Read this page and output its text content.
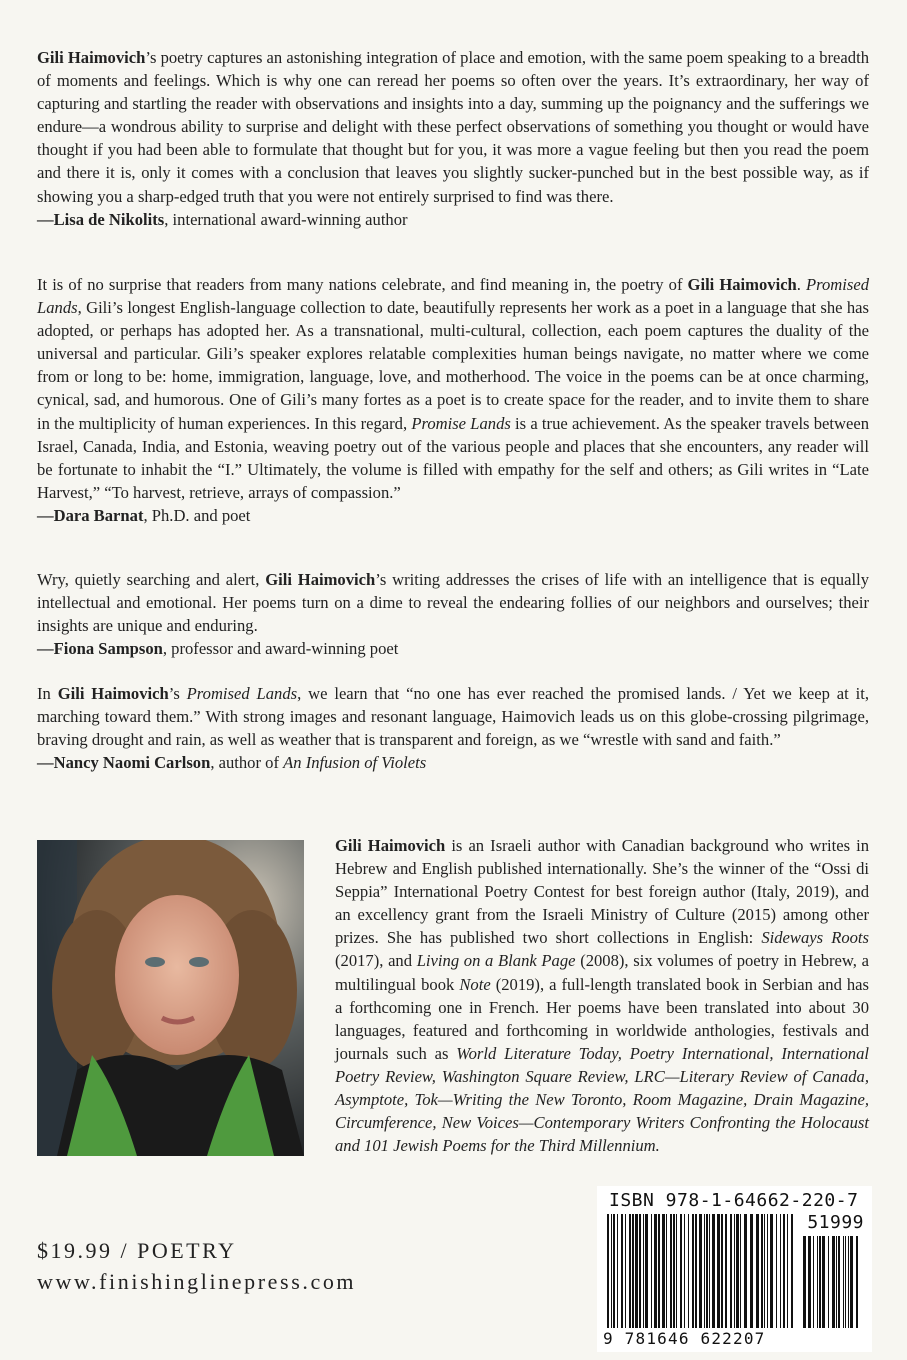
Gili Haimovich’s poetry captures an astonishing integration of place and emotion, with the same poem speaking to a breadth of moments and feelings. Which is why one can reread her poems so often over the years. It’s extraordinary, her way of capturing and startling the reader with observations and insights into a day, summing up the poignancy and the sufferings we endure—a wondrous ability to surprise and delight with these perfect observations of something you thought or would have thought if you had been able to formulate that thought but for you, it was more a vague feeling but then you read the poem and there it is, only it comes with a conclusion that leaves you slightly sucker-punched but in the best possible way, as if showing you a sharp-edged truth that you were not entirely surprised to find was there.

—Lisa de Nikolits, international award-winning author

It is of no surprise that readers from many nations celebrate, and find meaning in, the poetry of Gili Haimovich. Promised Lands, Gili’s longest English-language collection to date, beautifully represents her work as a poet in a language that she has adopted, or perhaps has adopted her. As a transnational, multi-cultural, collection, each poem captures the duality of the universal and particular. Gili’s speaker explores relatable complexities human beings navigate, no matter where we come from or long to be: home, immigration, language, love, and motherhood. The voice in the poems can be at once charming, cynical, sad, and humorous. One of Gili’s many fortes as a poet is to create space for the reader, and to invite them to share in the multiplicity of human experiences. In this regard, Promise Lands is a true achievement. As the speaker travels between Israel, Canada, India, and Estonia, weaving poetry out of the various people and places that she encounters, any reader will be fortunate to inhabit the “I.” Ultimately, the volume is filled with empathy for the self and others; as Gili writes in “Late Harvest,” “To harvest, retrieve, arrays of compassion.”

—Dara Barnat, Ph.D. and poet

Wry, quietly searching and alert, Gili Haimovich’s writing addresses the crises of life with an intelligence that is equally intellectual and emotional. Her poems turn on a dime to reveal the endearing follies of our neighbors and ourselves; their insights are unique and enduring.

—Fiona Sampson, professor and award-winning poet

In Gili Haimovich’s Promised Lands, we learn that “no one has ever reached the promised lands. / Yet we keep at it, marching toward them.” With strong images and resonant language, Haimovich leads us on this globe-crossing pilgrimage, braving drought and rain, as well as weather that is transparent and foreign, as we “wrestle with sand and faith.”

—Nancy Naomi Carlson, author of An Infusion of Violets

Gili Haimovich is an Israeli author with Canadian background who writes in Hebrew and English published internationally. She’s the winner of the “Ossi di Seppia” International Poetry Contest for best foreign author (Italy, 2019), and an excellency grant from the Israeli Ministry of Culture (2015) among other prizes. She has published two short collections in English: Sideways Roots (2017), and Living on a Blank Page (2008), six volumes of poetry in Hebrew, a multilingual book Note (2019), a full-length translated book in Serbian and has a forthcoming one in French. Her poems have been translated into about 30 languages, featured and forthcoming in worldwide anthologies, festivals and journals such as World Literature Today, Poetry International, International Poetry Review, Washington Square Review, LRC—Literary Review of Canada, Asymptote, Tok—Writing the New Toronto, Room Magazine, Drain Magazine, Circumference, New Voices—Contemporary Writers Confronting the Holocaust and 101 Jewish Poems for the Third Millennium.
$19.99 / POETRY
www.finishinglinepress.com
ISBN 978-1-64662-220-7
51999
9 781646 622207
